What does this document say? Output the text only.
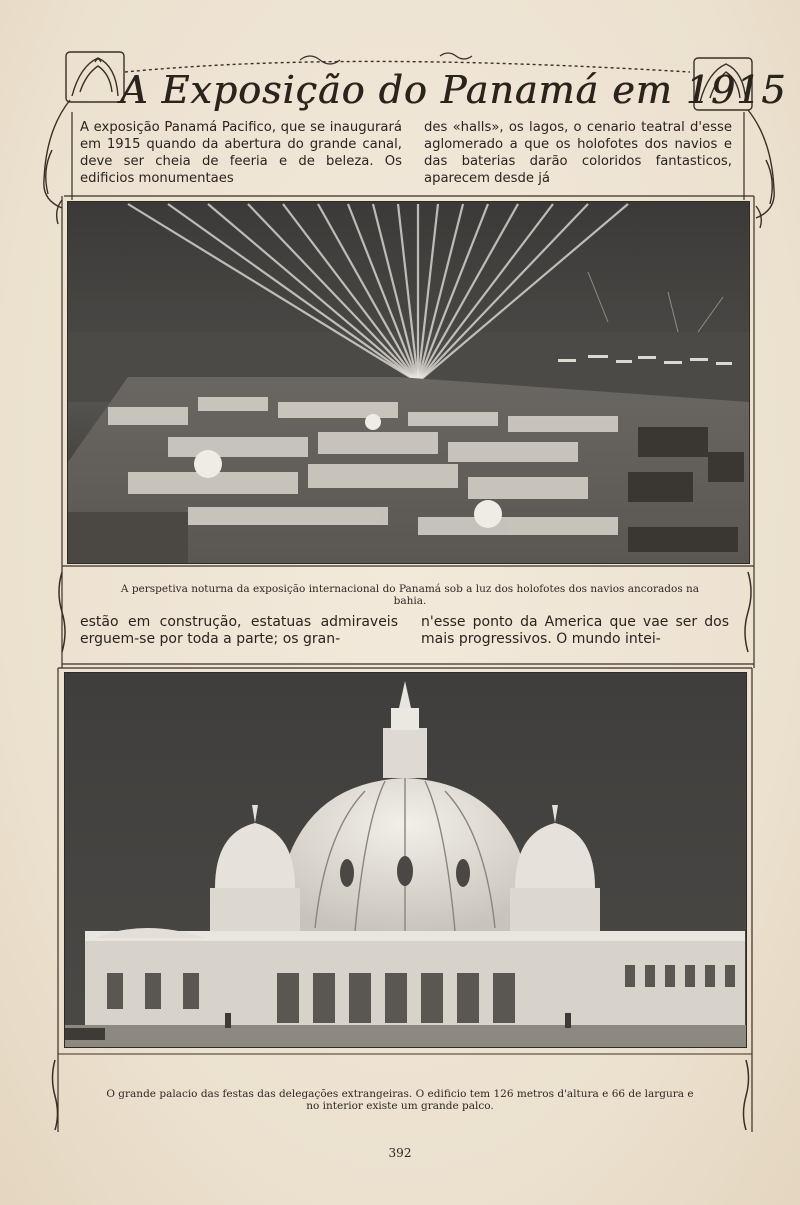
A Exposição do Panamá em 1915

A exposição Panamá Pacifico, que se inaugurará em 1915 quando da abertura do grande canal, deve ser cheia de feeria e de beleza. Os edificios monumentaes

des «halls», os lagos, o cenario teatral d'esse aglomerado a que os holofotes dos navios e das baterias darão coloridos fantasticos, aparecem desde já

A perspetiva noturna da exposição internacional do Panamá sob a luz dos holofotes dos navios ancorados na bahia.

estão em construção, estatuas admiraveis erguem-se por toda a parte; os gran-

n'esse ponto da America que vae ser dos mais progressivos. O mundo intei-

O grande palacio das festas das delegações extrangeiras. O edificio tem 126 metros d'altura e 66 de largura e no interior existe um grande palco.

392
